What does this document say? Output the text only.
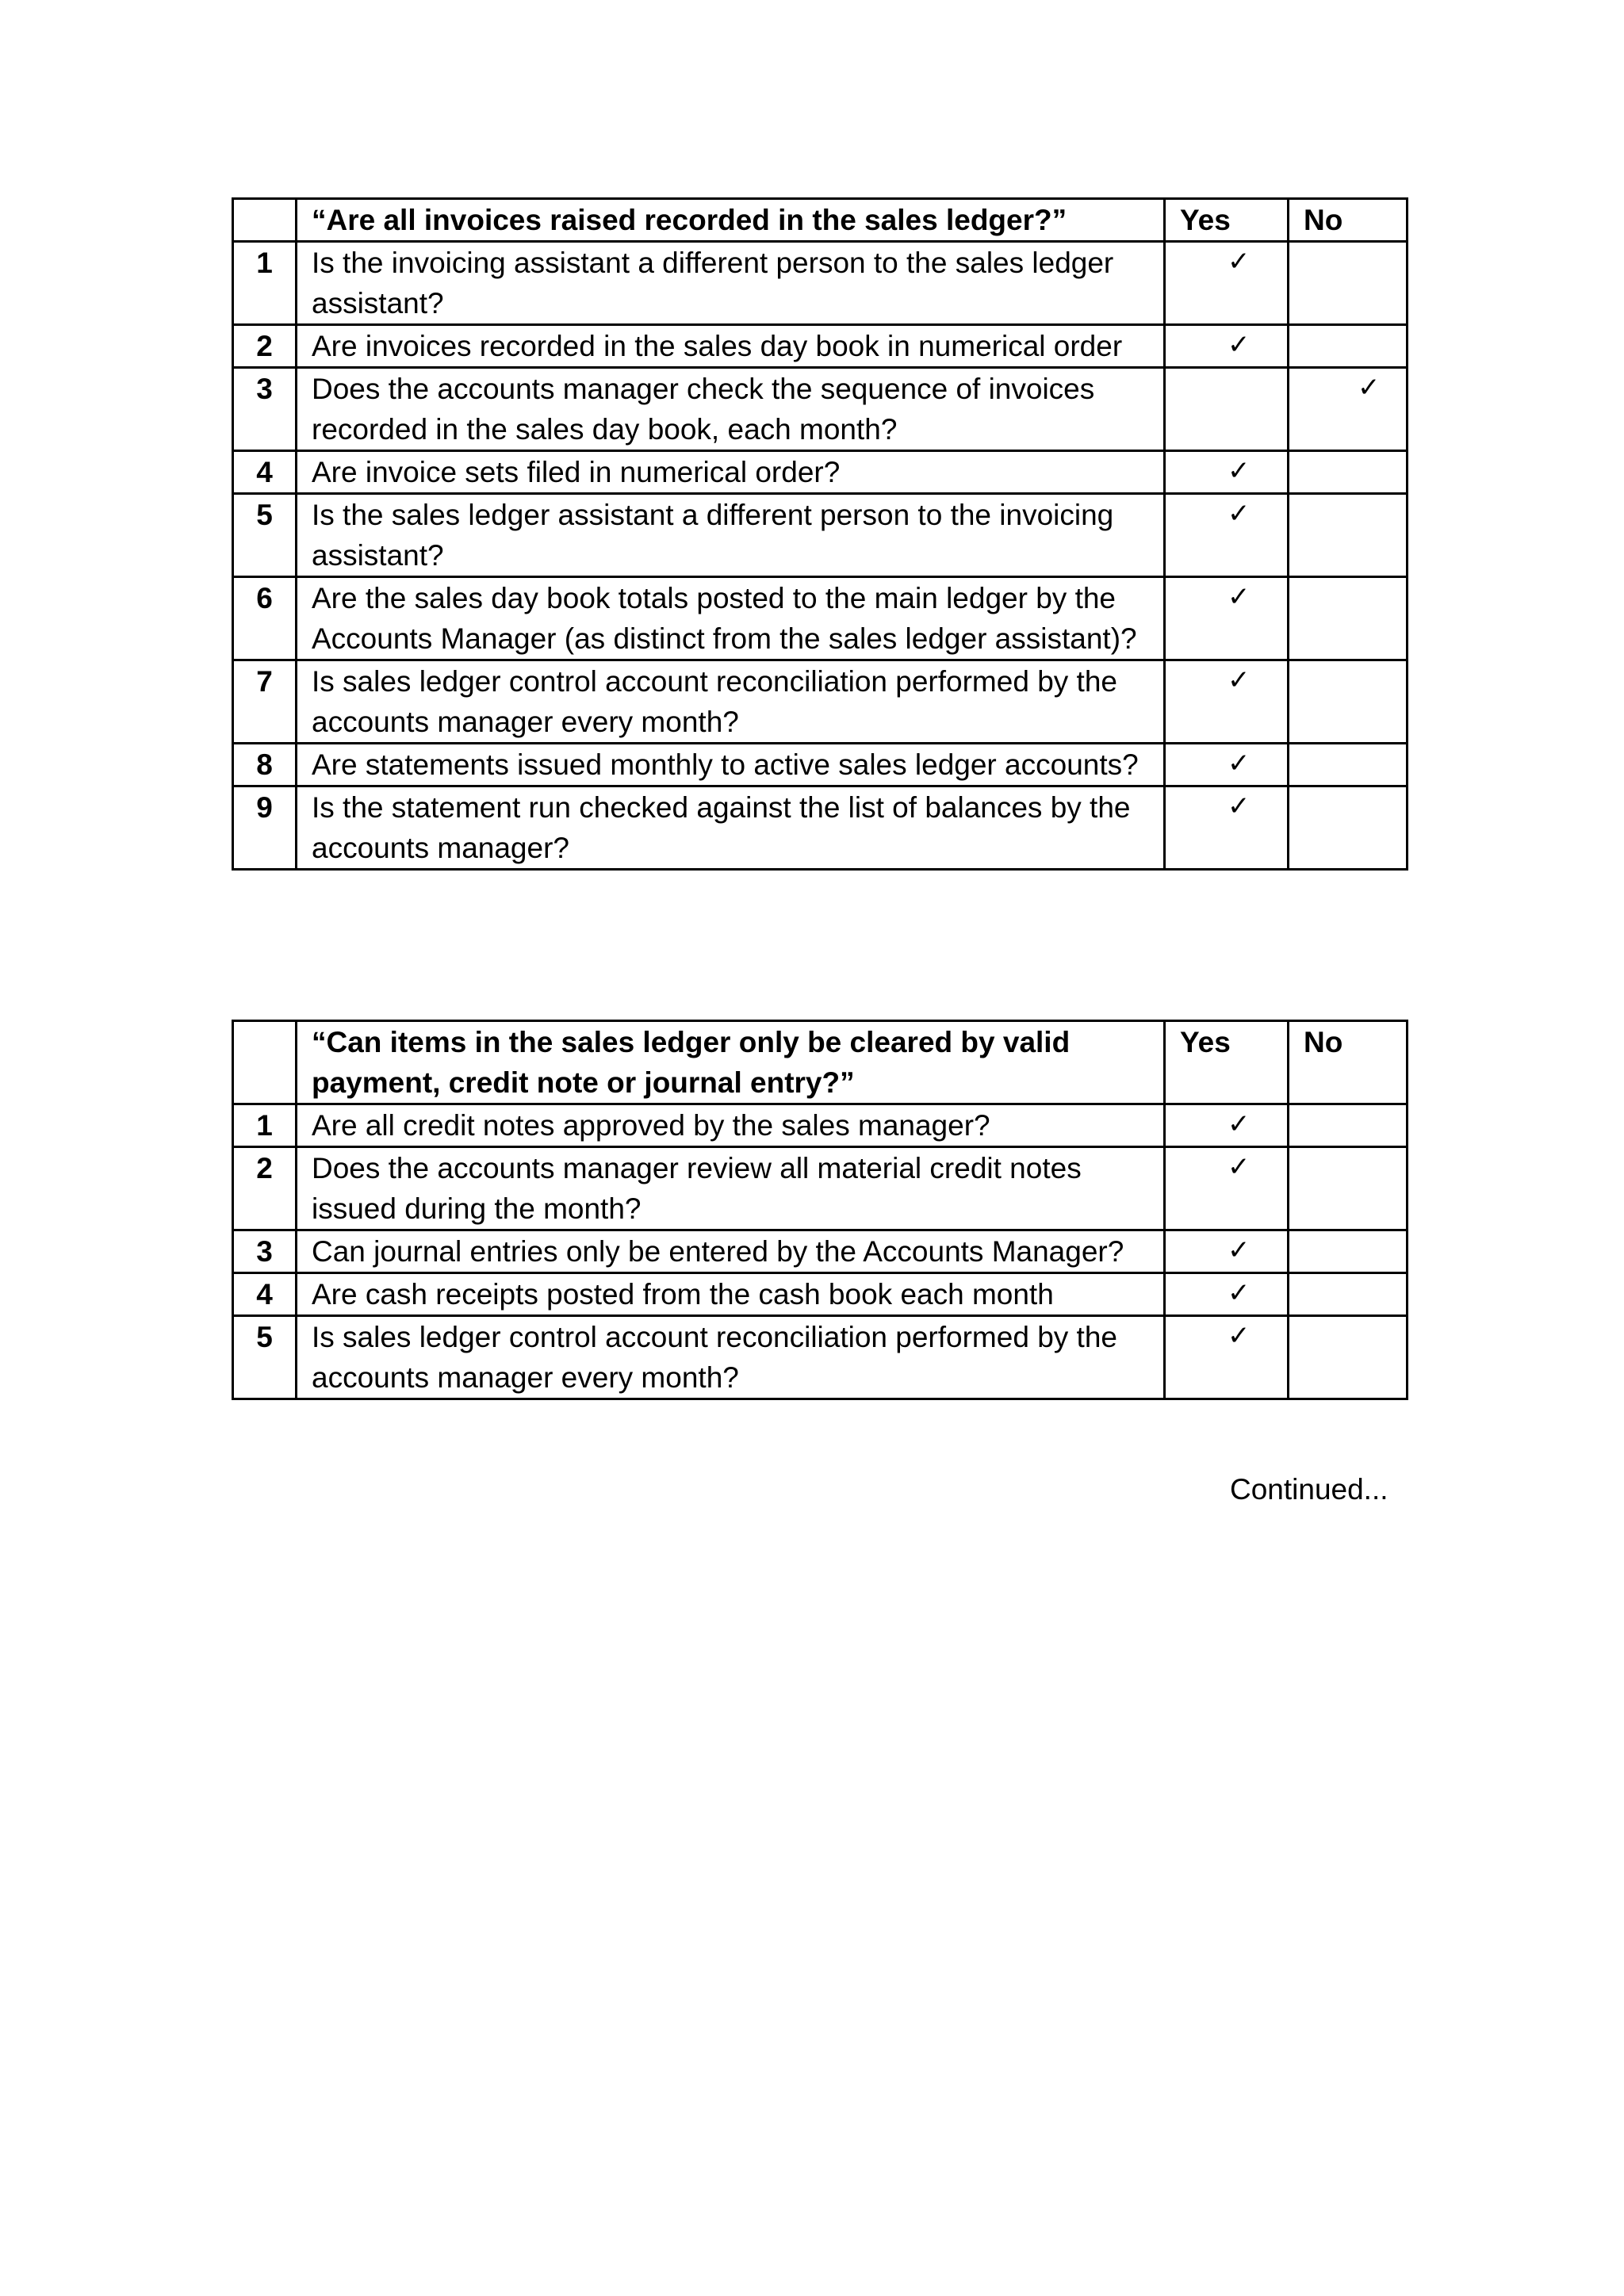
	“Are all invoices raised recorded in the sales ledger?”	Yes	No
1	Is the invoicing assistant a different person to the sales ledger assistant?	✓	

2	Are invoices recorded in the sales day book in numerical order	✓	

3	Does the accounts manager check the sequence of invoices recorded in the sales day book, each month?		✓

4	Are invoice sets filed in numerical order?	✓	

5	Is the sales ledger assistant a different person to the invoicing assistant?	✓	

6	Are the sales day book totals posted to the main ledger by the Accounts Manager (as distinct from the sales ledger assistant)?	✓	

7	Is sales ledger control account reconciliation performed by the accounts manager every month?	✓	

8	Are statements issued monthly to active sales ledger accounts?	✓	

9	Is the statement run checked against the list of balances by the accounts manager?	✓	

	“Can items in the sales ledger only be cleared by valid payment, credit note or journal entry?”	Yes	No
1	Are all credit notes approved by the sales manager?	✓	

2	Does the accounts manager review all material credit notes issued during the month?	✓	

3	Can journal entries only be entered by the Accounts Manager?	✓	

4	Are cash receipts posted from the cash book each month	✓	

5	Is sales ledger control account reconciliation performed by the accounts manager every month?	✓	

Continued...
